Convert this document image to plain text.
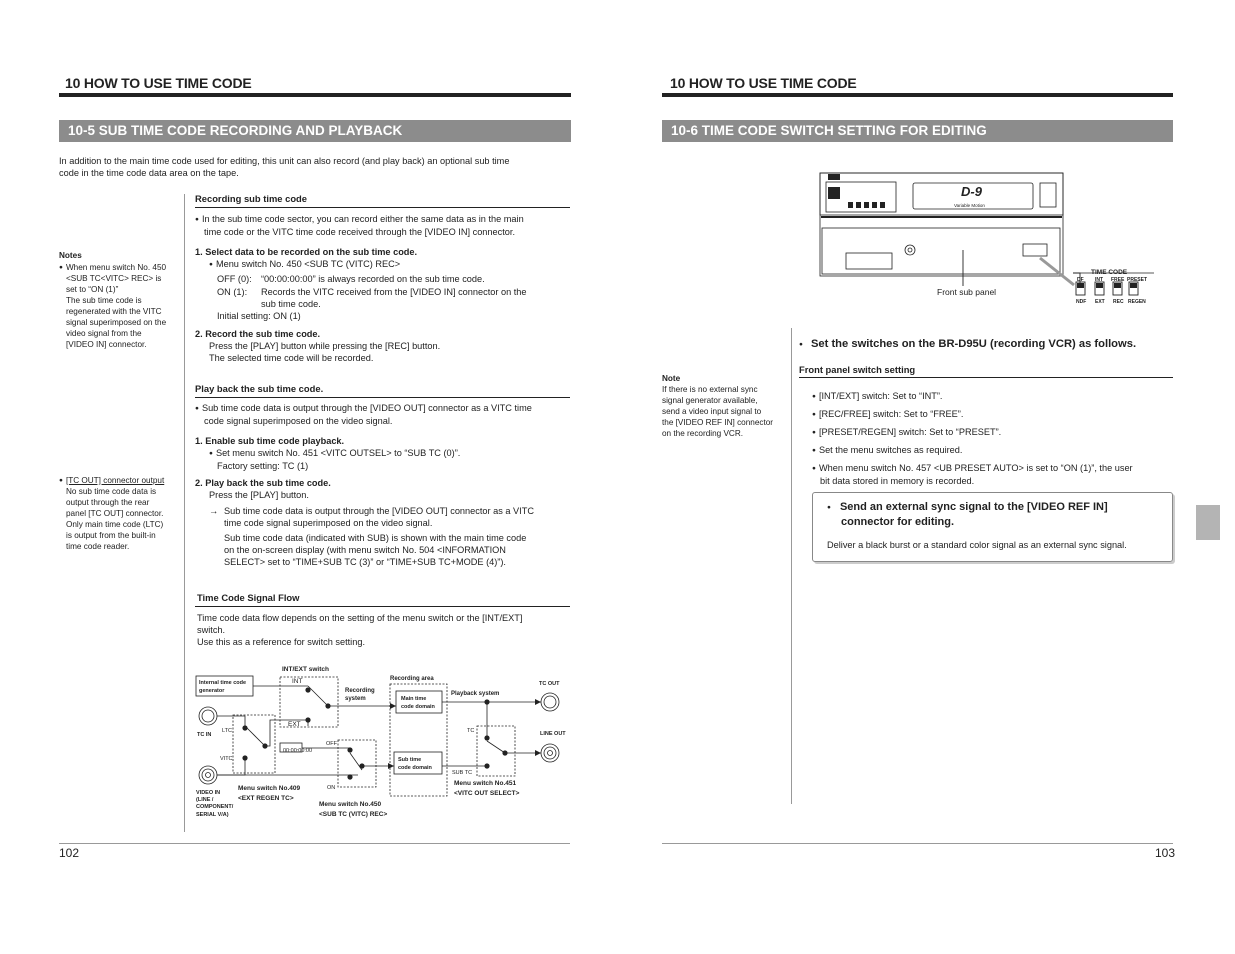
10 HOW TO USE TIME CODE
10-5 SUB TIME CODE RECORDING AND PLAYBACK
In addition to the main time code used for editing, this unit can also record (and play back) an optional sub time
code in the time code data area on the tape.
Notes
● When menu switch No. 450
<SUB TC<VITC> REC> is
set to “ON (1)”
The sub time code is
regenerated with the VITC
signal superimposed on the
video signal from the
[VIDEO IN] connector.
● [TC OUT] connector output
No sub time code data is
output through the rear
panel [TC OUT] connector.
Only main time code (LTC)
is output from the built-in
time code reader.
Recording sub time code
● In the sub time code sector, you can record either the same data as in the main
time code or the VITC time code received through the [VIDEO IN] connector.
1. Select data to be recorded on the sub time code.
● Menu switch No. 450 <SUB TC (VITC) REC>
OFF (0): “00:00:00:00” is always recorded on the sub time code.
ON (1): Records the VITC received from the [VIDEO IN] connector on the
sub time code.
Initial setting: ON (1)
2. Record the sub time code.
Press the [PLAY] button while pressing the [REC] button.
The selected time code will be recorded.
Play back the sub time code.
● Sub time code data is output through the [VIDEO OUT] connector as a VITC time
code signal superimposed on the video signal.
1. Enable sub time code playback.
● Set menu switch No. 451 <VITC OUTSEL> to “SUB TC (0)”.
Factory setting: TC (1)
2. Play back the sub time code.
Press the [PLAY] button.
→ Sub time code data is output through the [VIDEO OUT] connector as a VITC
time code signal superimposed on the video signal.
Sub time code data (indicated with SUB) is shown with the main time code
on the on-screen display (with menu switch No. 504 <INFORMATION
SELECT> set to “TIME+SUB TC (3)” or “TIME+SUB TC+MODE (4)”).
Time Code Signal Flow
Time code data flow depends on the setting of the menu switch or the [INT/EXT]
switch.
Use this as a reference for switch setting.
INT/EXT switch
INT
EXT
Internal time code
generator
TC IN
LTC
VITC
00:00:00:00
OFF
ON
Recording
system
Recording area
Main time
code domain
Sub time
code domain
Playback system
TC
SUB TC
TC OUT
LINE OUT
VIDEO IN
(LINE /
COMPONENT/
SERIAL V/A)
Menu switch No.409
<EXT REGEN TC>
Menu switch No.450
<SUB TC (VITC) REC>
Menu switch No.451
<VITC OUT SELECT>
102
10 HOW TO USE TIME CODE
10-6 TIME CODE SWITCH SETTING FOR EDITING
D-9
Variable Motion
TIME CODE
DF INT FREE PRESET
NDF EXT REC REGEN
Front sub panel
Note
If there is no external sync
signal generator available,
send a video input signal to
the [VIDEO REF IN] connector
on the recording VCR.
● Set the switches on the BR-D95U (recording VCR) as follows.
Front panel switch setting
● [INT/EXT] switch: Set to “INT”.
● [REC/FREE] switch: Set to “FREE”.
● [PRESET/REGEN] switch: Set to “PRESET”.
● Set the menu switches as required.
● When menu switch No. 457 <UB PRESET AUTO> is set to “ON (1)”, the user
bit data stored in memory is recorded.
● Send an external sync signal to the [VIDEO REF IN]
connector for editing.
Deliver a black burst or a standard color signal as an external sync signal.
103
